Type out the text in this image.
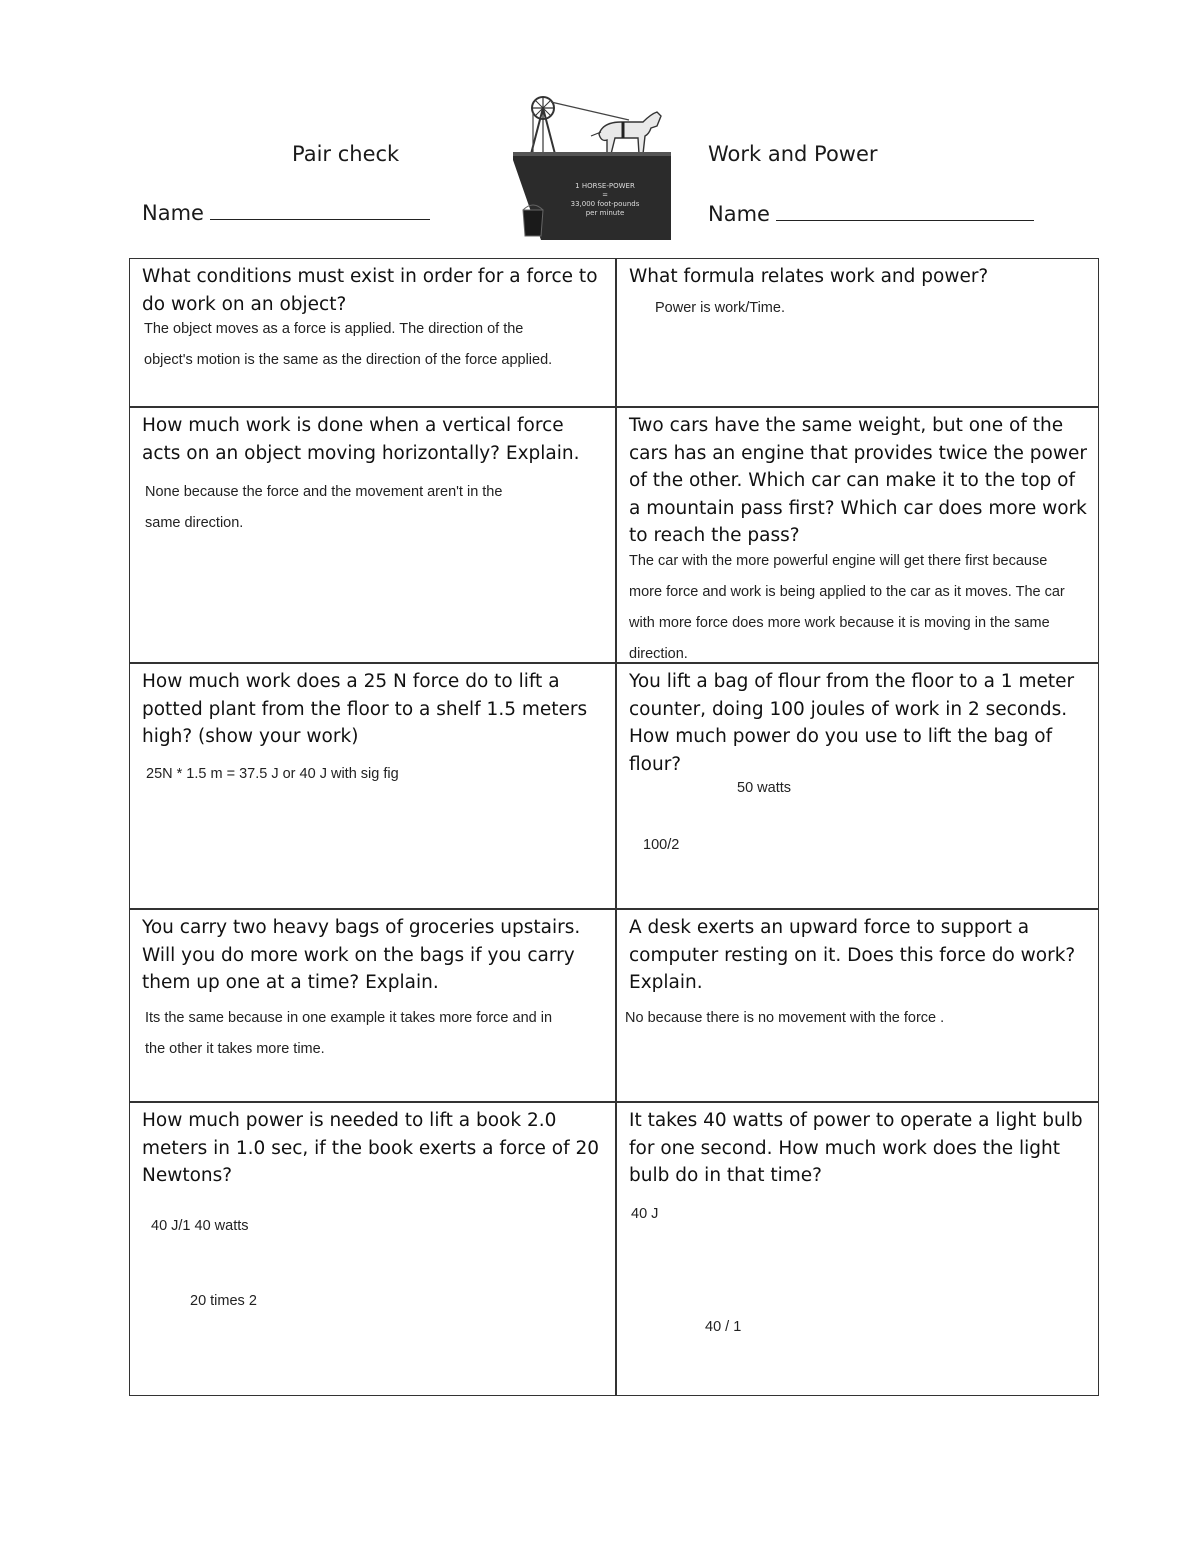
Pair check
Name
Work and Power
Name
1 HORSE-POWER
=
33,000 foot-pounds
per minute

What conditions must exist in order for a force to do work on an object?

The object moves as a force is applied. The direction of the object's motion is the same as the direction of the force applied.

What formula relates work and power?

Power is work/Time.

How much work is done when a vertical force acts on an object moving horizontally? Explain.

None because the force and the movement aren't in the same direction.

Two cars have the same weight, but one of the cars has an engine that provides twice the power of the other. Which car can make it to the top of a mountain pass first? Which car does more work to reach the pass?

The car with the more powerful engine will get there first because more force and work is being applied to the car as it moves. The car with more force does more work because it is moving in the same direction.

How much work does a 25 N force do to lift a potted plant from the floor to a shelf 1.5 meters high? (show your work)

25N * 1.5 m = 37.5 J or 40 J with sig fig

You lift a bag of flour from the floor to a 1 meter counter, doing 100 joules of work in 2 seconds. How much power do you use to lift the bag of flour?

50 watts
100/2

You carry two heavy bags of groceries upstairs. Will you do more work on the bags if you carry them up one at a time? Explain.

Its the same because in one example it takes more force and in the other it takes more time.

A desk exerts an upward force to support a computer resting on it. Does this force do work? Explain.

No because there is no movement with the force .

How much power is needed to lift a book 2.0 meters in 1.0 sec, if the book exerts a force of 20 Newtons?

40 J/1 40 watts
20 times 2

It takes 40 watts of power to operate a light bulb for one second. How much work does the light bulb do in that time?

40 J
40 / 1
